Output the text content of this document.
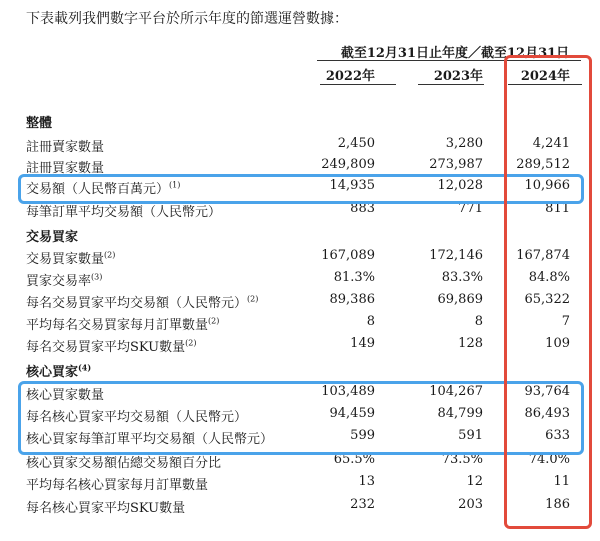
下表載列我們數字平台於所示年度的節選運營數據：
截至12月31日止年度／截至12月31日
2022年	2023年	2024年
整體
註冊賣家數量	2,450	3,280	4,241
註冊買家數量	249,809	273,987	289,512
交易額（人民幣百萬元）$^{(1)}$	14,935	12,028	10,966
每筆訂單平均交易額（人民幣元）	883	771	811
交易買家
交易買家數量$^{(2)}$	167,089	172,146	167,874
買家交易率$^{(3)}$	81.3%	83.3%	84.8%
每名交易買家平均交易額（人民幣元）$^{(2)}$	89,386	69,869	65,322
平均每名交易買家每月訂單數量$^{(2)}$	8	8	7
每名交易買家平均SKU數量$^{(2)}$	149	128	109
核心買家$^{(4)}$
核心買家數量	103,489	104,267	93,764
每名核心買家平均交易額（人民幣元）	94,459	84,799	86,493
核心買家每筆訂單平均交易額（人民幣元）	599	591	633
核心買家交易額佔總交易額百分比	65.5%	73.5%	74.0%
平均每名核心買家每月訂單數量	13	12	11
每名核心買家平均SKU數量	232	203	186
